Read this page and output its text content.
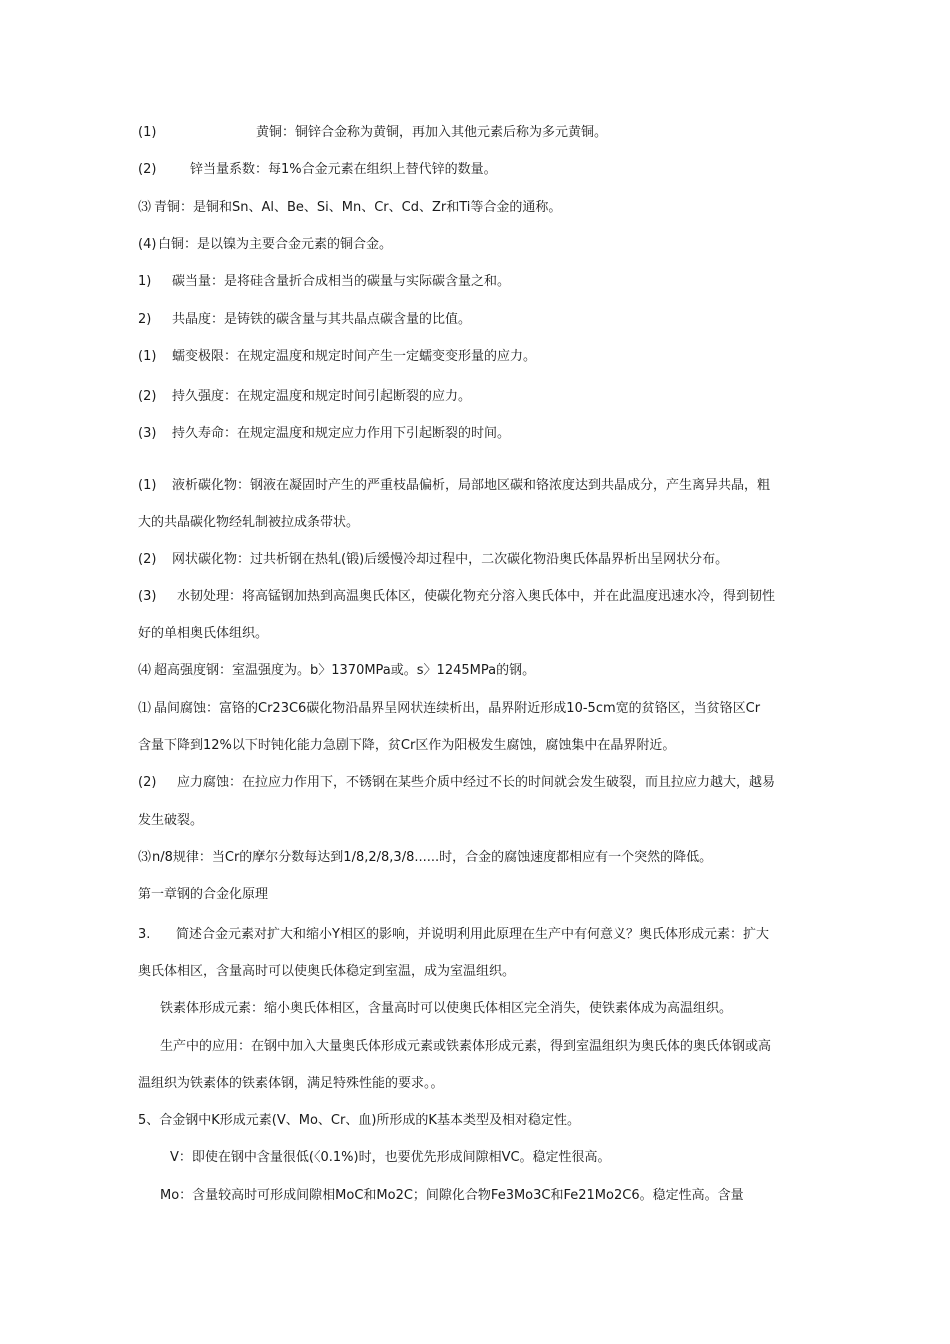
(1)	黄铜：铜锌合金称为黄铜，再加入其他元素后称为多元黄铜。
(2)	锌当量系数：每1%合金元素在组织上替代锌的数量。
⑶ 青铜：是铜和Sn、Al、Be、Si、Mn、Cr、Cd、Zr和Ti等合金的通称。
(4) 白铜：是以镍为主要合金元素的铜合金。
1) 碳当量：是将硅含量折合成相当的碳量与实际碳含量之和。
2) 共晶度：是铸铁的碳含量与其共晶点碳含量的比值。
(1) 蠕变极限：在规定温度和规定时间产生一定蠕变变形量的应力。
(2) 持久强度：在规定温度和规定时间引起断裂的应力。
(3) 持久寿命：在规定温度和规定应力作用下引起断裂的时间。
(1) 液析碳化物：钢液在凝固时产生的严重枝晶偏析，局部地区碳和铬浓度达到共晶成分，产生离异共晶，粗
大的共晶碳化物经轧制被拉成条带状。
(2) 网状碳化物：过共析钢在热轧(锻)后缓慢冷却过程中，二次碳化物沿奥氏体晶界析出呈网状分布。
(3) 水韧处理：将高锰钢加热到高温奥氏体区，使碳化物充分溶入奥氏体中，并在此温度迅速水冷，得到韧性
好的单相奥氏体组织。
⑷ 超高强度钢：室温强度为。b〉1370MPa或。s〉1245MPa的钢。
⑴ 晶间腐蚀：富铬的Cr23C6碳化物沿晶界呈网状连续析出，晶界附近形成10-5cm宽的贫铬区，当贫铬区Cr
含量下降到12%以下时钝化能力急剧下降，贫Cr区作为阳极发生腐蚀，腐蚀集中在晶界附近。
(2) 应力腐蚀：在拉应力作用下，不锈钢在某些介质中经过不长的时间就会发生破裂，而且拉应力越大，越易
发生破裂。
⑶n/8规律：当Cr的摩尔分数每达到1/8,2/8,3/8......时，合金的腐蚀速度都相应有一个突然的降低。
第一章钢的合金化原理
3. 简述合金元素对扩大和缩小Y相区的影响，并说明利用此原理在生产中有何意义？奥氏体形成元素：扩大
奥氏体相区，含量高时可以使奥氏体稳定到室温，成为室温组织。
铁素体形成元素：缩小奥氏体相区，含量高时可以使奥氏体相区完全消失，使铁素体成为高温组织。
生产中的应用：在钢中加入大量奥氏体形成元素或铁素体形成元素，得到室温组织为奥氏体的奥氏体钢或高
温组织为铁素体的铁素体钢，满足特殊性能的要求。。
5、合金钢中K形成元素(V、Mo、Cr、血)所形成的K基本类型及相对稳定性。
V：即使在钢中含量很低(〈0.1%)时，也要优先形成间隙相VC。稳定性很高。
Mo：含量较高时可形成间隙相MoC和Mo2C；间隙化合物Fe3Mo3C和Fe21Mo2C6。稳定性高。含量
